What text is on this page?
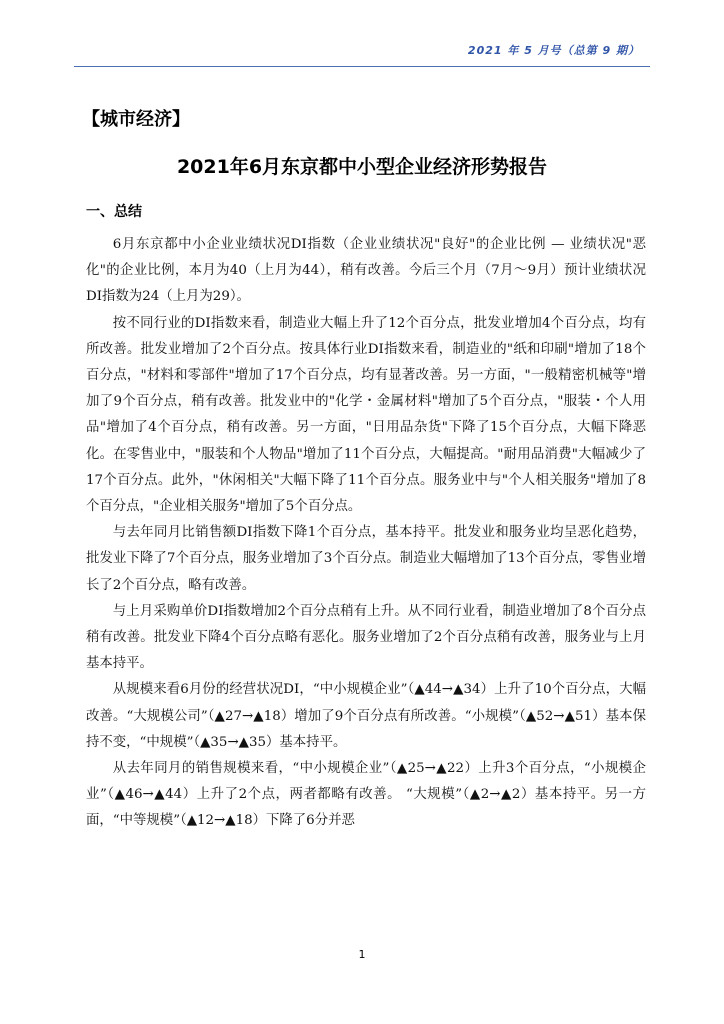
2021 年 5 月号（总第 9 期）
【城市经济】
2021年6月东京都中小型企业经济形势报告
一、总结

6月东京都中小企业业绩状况DI指数（企业业绩状况"良好"的企业比例 — 业绩状况"恶化"的企业比例，本月为40（上月为44），稍有改善。今后三个月（7月～9月）预计业绩状况DI指数为24（上月为29）。

按不同行业的DI指数来看，制造业大幅上升了12个百分点，批发业增加4个百分点，均有所改善。批发业增加了2个百分点。按具体行业DI指数来看，制造业的"纸和印刷"增加了18个百分点，"材料和零部件"增加了17个百分点，均有显著改善。另一方面，"一般精密机械等"增加了9个百分点，稍有改善。批发业中的"化学・金属材料"增加了5个百分点，"服装・个人用品"增加了4个百分点，稍有改善。另一方面，"日用品杂货"下降了15个百分点，大幅下降恶化。在零售业中，"服装和个人物品"增加了11个百分点，大幅提高。"耐用品消费"大幅减少了17个百分点。此外，"休闲相关"大幅下降了11个百分点。服务业中与"个人相关服务"增加了8个百分点，"企业相关服务"增加了5个百分点。

与去年同月比销售额DI指数下降1个百分点，基本持平。批发业和服务业均呈恶化趋势，批发业下降了7个百分点，服务业增加了3个百分点。制造业大幅增加了13个百分点，零售业增长了2个百分点，略有改善。

与上月采购单价DI指数增加2个百分点稍有上升。从不同行业看，制造业增加了8个百分点稍有改善。批发业下降4个百分点略有恶化。服务业增加了2个百分点稍有改善，服务业与上月基本持平。

从规模来看6月份的经营状况DI，“中小规模企业”（▲44→▲34）上升了10个百分点，大幅改善。“大规模公司”（▲27→▲18）增加了9个百分点有所改善。“小规模”（▲52→▲51）基本保持不变，“中规模”（▲35→▲35）基本持平。

从去年同月的销售规模来看，“中小规模企业”（▲25→▲22）上升3个百分点，“小规模企业”（▲46→▲44）上升了2个点，两者都略有改善。 “大规模”（▲2→▲2）基本持平。另一方面，“中等规模”（▲12→▲18）下降了6分并恶

1
